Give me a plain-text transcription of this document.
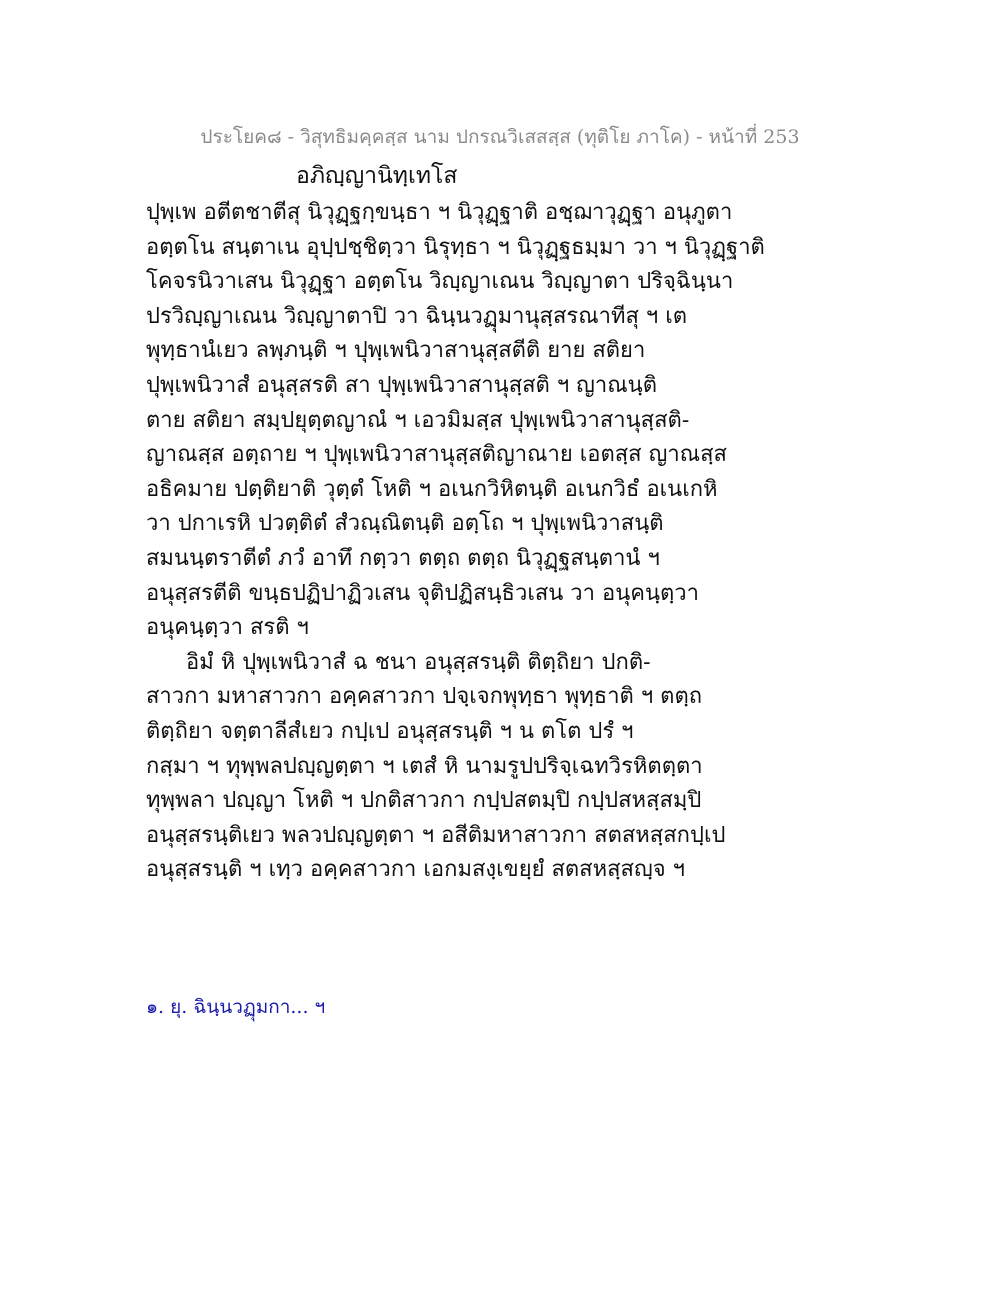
ประโยค๘ - วิสุทธิมคฺคสฺส นาม ปกรณวิเสสสฺส (ทุติโย ภาโค) - หน้าที่ 253
อภิญฺญานิทฺเทโส
ปุพฺเพ อตีตชาตีสุ นิวุฏฺฐกฺขนฺธา ฯ นิวุฏฺฐาติ อชฺฌาวุฏฺฐา อนุภูตา
อตฺตโน สนฺตาเน อุปฺปชฺชิตฺวา นิรุทฺธา ฯ นิวุฏฺฐธมฺมา วา ฯ นิวุฏฺฐาติ
โคจรนิวาเสน นิวุฏฺฐา อตฺตโน วิญฺญาเณน วิญฺญาตา ปริจฺฉินฺนา
ปรวิญฺญาเณน วิญฺญาตาปิ วา ฉินฺนวฏุมานุสฺสรณาทีสุ ฯ เต
พุทฺธานํเยว ลพฺภนฺติ ฯ ปุพฺเพนิวาสานุสฺสตีติ ยาย สติยา
ปุพฺเพนิวาสํ อนุสฺสรติ สา ปุพฺเพนิวาสานุสฺสติ ฯ ญาณนฺติ
ตาย สติยา สมฺปยุตฺตญาณํ ฯ เอวมิมสฺส ปุพฺเพนิวาสานุสฺสติ-
ญาณสฺส อตฺถาย ฯ ปุพฺเพนิวาสานุสฺสติญาณาย เอตสฺส ญาณสฺส
อธิคมาย ปตฺติยาติ วุตฺตํ โหติ ฯ อเนกวิหิตนฺติ อเนกวิธํ อเนเกหิ
วา ปกาเรหิ ปวตฺติตํ สํวณฺณิตนฺติ อตฺโถ ฯ ปุพฺเพนิวาสนฺติ
สมนนฺตราตีตํ ภวํ อาทึ กตฺวา ตตฺถ ตตฺถ นิวุฏฺฐสนฺตานํ ฯ
อนุสฺสรตีติ ขนฺธปฏิปาฏิวเสน จุติปฏิสนฺธิวเสน วา อนุคนฺตฺวา
อนุคนฺตฺวา สรติ ฯ
อิมํ หิ ปุพฺเพนิวาสํ ฉ ชนา อนุสฺสรนฺติ ติตฺถิยา ปกติ-
สาวกา มหาสาวกา อคฺคสาวกา ปจฺเจกพุทฺธา พุทฺธาติ ฯ ตตฺถ
ติตฺถิยา จตฺตาลีสํเยว กปฺเป อนุสฺสรนฺติ ฯ น ตโต ปรํ ฯ
กสฺมา ฯ ทุพฺพลปญฺญตฺตา ฯ เตสํ หิ นามรูปปริจฺเฉทวิรหิตตฺตา
ทุพฺพลา ปญฺญา โหติ ฯ ปกติสาวกา กปฺปสตมฺปิ กปฺปสหสฺสมฺปิ
อนุสฺสรนฺติเยว พลวปญฺญตฺตา ฯ อสีติมหาสาวกา สตสหสฺสกปฺเป
อนุสฺสรนฺติ ฯ เทฺว อคฺคสาวกา เอกมสงฺเขยฺยํ สตสหสฺสญฺจ ฯ
๑. ยุ. ฉินฺนวฏุมกา... ฯ
